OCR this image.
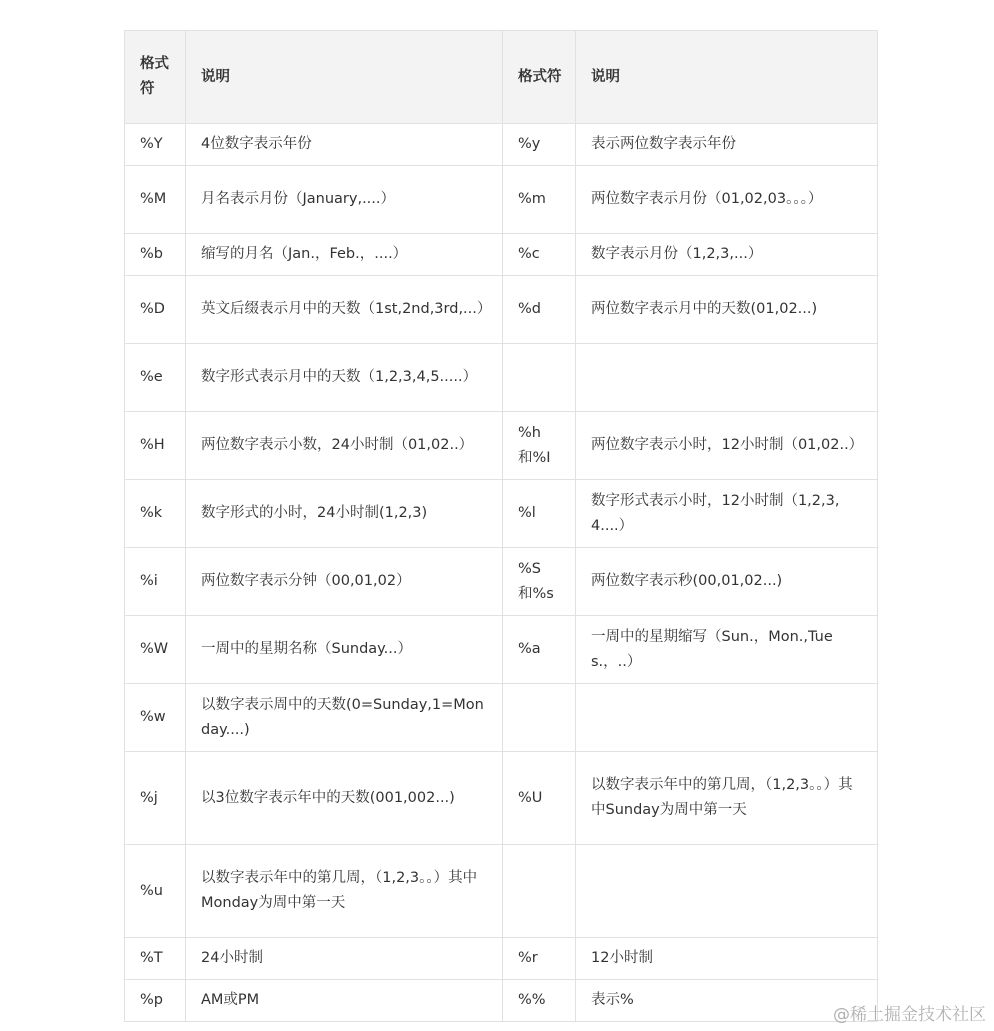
格式符	说明	格式符	说明
%Y	4位数字表示年份	%y	表示两位数字表示年份
%M	月名表示月份（January,....）	%m	两位数字表示月份（01,02,03。。。）
%b	缩写的月名（Jan.，Feb.，....）	%c	数字表示月份（1,2,3,...）
%D	英文后缀表示月中的天数（1st,2nd,3rd,...）	%d	两位数字表示月中的天数(01,02...)
%e	数字形式表示月中的天数（1,2,3,4,5.....）		
%H	两位数字表示小数，24小时制（01,02..）	%h和%I	两位数字表示小时，12小时制（01,02..）
%k	数字形式的小时，24小时制(1,2,3)	%l	数字形式表示小时，12小时制（1,2,3,4....）
%i	两位数字表示分钟（00,01,02）	%S和%s	两位数字表示秒(00,01,02...)
%W	一周中的星期名称（Sunday...）	%a	一周中的星期缩写（Sun.，Mon.,Tues.，..）
%w	以数字表示周中的天数(0=Sunday,1=Monday....)		
%j	以3位数字表示年中的天数(001,002...)	%U	以数字表示年中的第几周，（1,2,3。。）其中Sunday为周中第一天
%u	以数字表示年中的第几周，（1,2,3。。）其中Monday为周中第一天		
%T	24小时制	%r	12小时制
%p	AM或PM	%%	表示%
@稀土掘金技术社区
